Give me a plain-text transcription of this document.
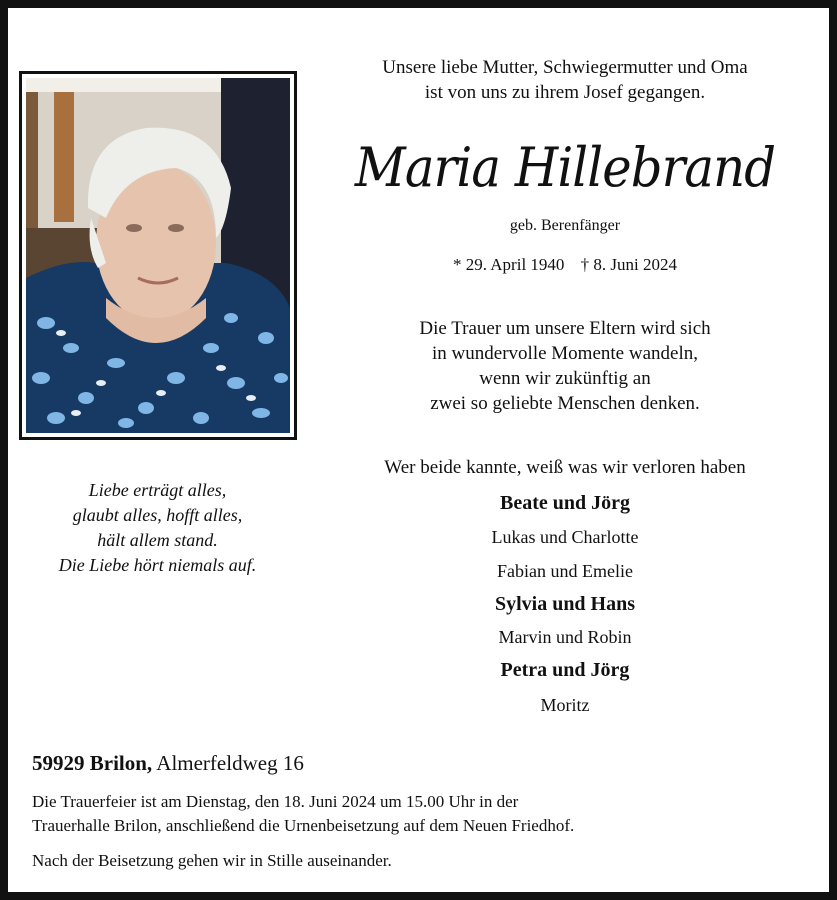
Unsere liebe Mutter, Schwiegermutter und Oma
ist von uns zu ihrem Josef gegangen.
Maria Hillebrand
geb. Berenfänger
* 29. April 1940 † 8. Juni 2024
Die Trauer um unsere Eltern wird sich
in wundervolle Momente wandeln,
wenn wir zukünftig an
zwei so geliebte Menschen denken.
Liebe erträgt alles,
glaubt alles, hofft alles,
hält allem stand.
Die Liebe hört niemals auf.
Wer beide kannte, weiß was wir verloren haben
Beate und Jörg
Lukas und Charlotte
Fabian und Emelie
Sylvia und Hans
Marvin und Robin
Petra und Jörg
Moritz
59929 Brilon, Almerfeldweg 16
Die Trauerfeier ist am Dienstag, den 18. Juni 2024 um 15.00 Uhr in der
Trauerhalle Brilon, anschließend die Urnenbeisetzung auf dem Neuen Friedhof.
Nach der Beisetzung gehen wir in Stille auseinander.
